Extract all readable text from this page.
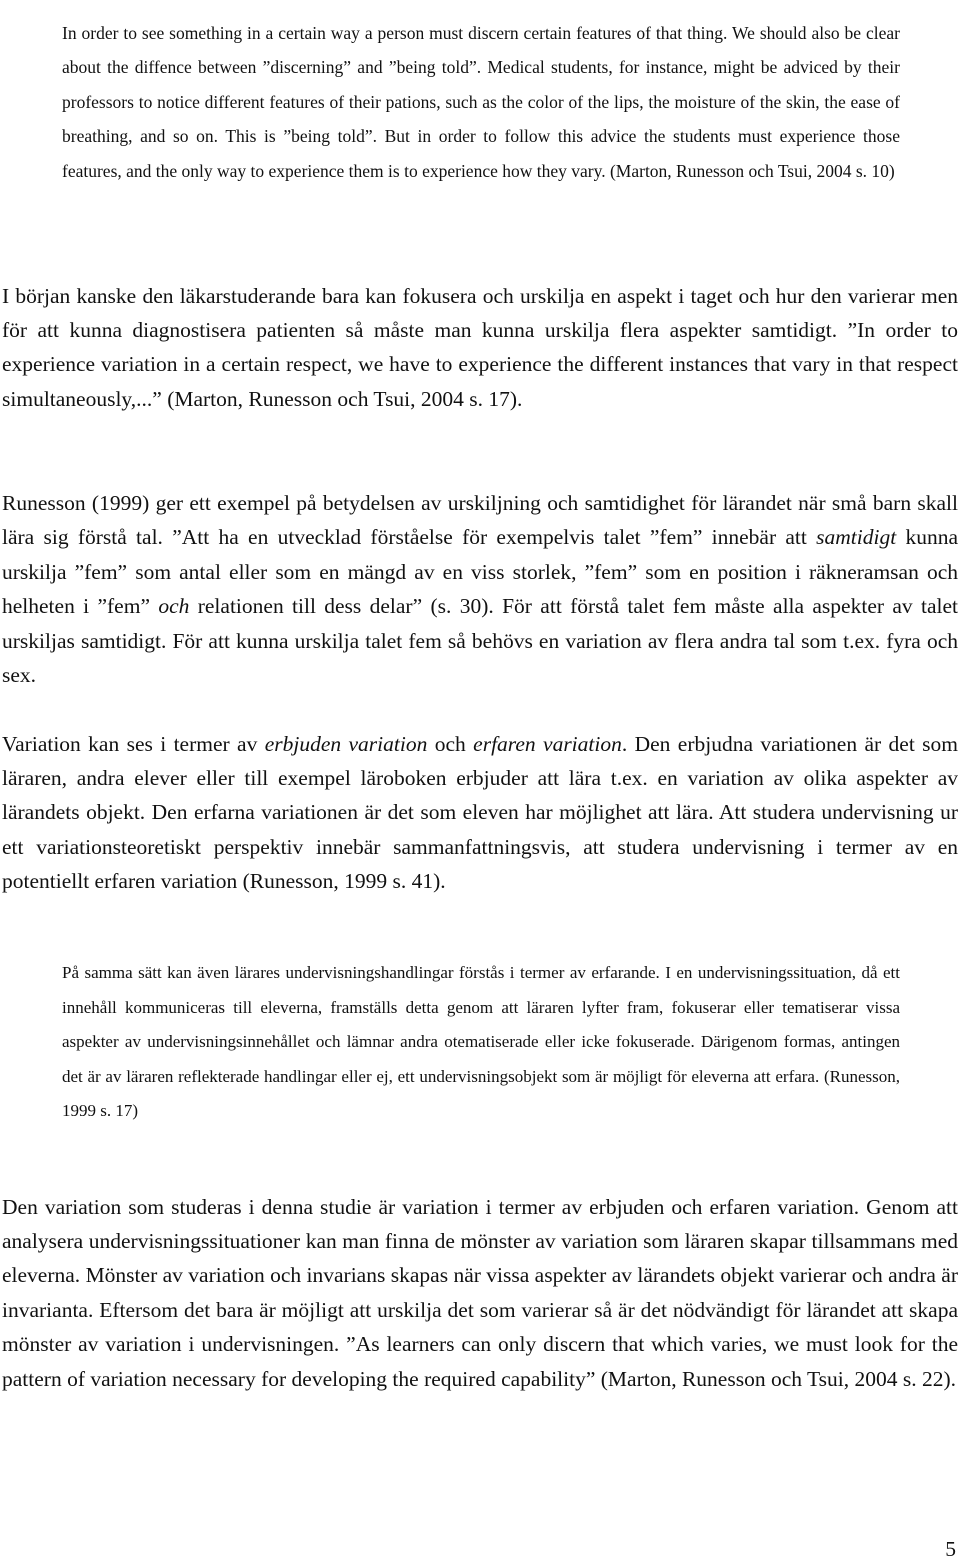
In order to see something in a certain way a person must discern certain features of that thing. We should also be clear about the diffence between ”discerning” and ”being told”. Medical students, for instance, might be adviced by their professors to notice different features of their pations, such as the color of the lips, the moisture of the skin, the ease of breathing, and so on. This is ”being told”. But in order to follow this advice the students must experience those features, and the only way to experience them is to experience how they vary. (Marton, Runesson och Tsui, 2004 s. 10)

I början kanske den läkarstuderande bara kan fokusera och urskilja en aspekt i taget och hur den varierar men för att kunna diagnostisera patienten så måste man kunna urskilja flera aspekter samtidigt. ”In order to experience variation in a certain respect, we have to experience the different instances that vary in that respect simultaneously,...” (Marton, Runesson och Tsui, 2004 s. 17).

Runesson (1999) ger ett exempel på betydelsen av urskiljning och samtidighet för lärandet när små barn skall lära sig förstå tal. ”Att ha en utvecklad förståelse för exempelvis talet ”fem” innebär att samtidigt kunna urskilja ”fem” som antal eller som en mängd av en viss storlek, ”fem” som en position i räkneramsan och helheten i ”fem” och relationen till dess delar” (s. 30). För att förstå talet fem måste alla aspekter av talet urskiljas samtidigt. För att kunna urskilja talet fem så behövs en variation av flera andra tal som t.ex. fyra och sex.

Variation kan ses i termer av erbjuden variation och erfaren variation. Den erbjudna variationen är det som läraren, andra elever eller till exempel läroboken erbjuder att lära t.ex. en variation av olika aspekter av lärandets objekt. Den erfarna variationen är det som eleven har möjlighet att lära. Att studera undervisning ur ett variationsteoretiskt perspektiv innebär sammanfattningsvis, att studera undervisning i termer av en potentiellt erfaren variation (Runesson, 1999 s. 41).

På samma sätt kan även lärares undervisningshandlingar förstås i termer av erfarande. I en undervisningssituation, då ett innehåll kommuniceras till eleverna, framställs detta genom att läraren lyfter fram, fokuserar eller tematiserar vissa aspekter av undervisningsinnehållet och lämnar andra otematiserade eller icke fokuserade. Därigenom formas, antingen det är av läraren reflekterade handlingar eller ej, ett undervisningsobjekt som är möjligt för eleverna att erfara. (Runesson, 1999 s. 17)

Den variation som studeras i denna studie är variation i termer av erbjuden och erfaren variation. Genom att analysera undervisningssituationer kan man finna de mönster av variation som läraren skapar tillsammans med eleverna. Mönster av variation och invarians skapas när vissa aspekter av lärandets objekt varierar och andra är invarianta. Eftersom det bara är möjligt att urskilja det som varierar så är det nödvändigt för lärandet att skapa mönster av variation i undervisningen. ”As learners can only discern that which varies, we must look for the pattern of variation necessary for developing the required capability” (Marton, Runesson och Tsui, 2004 s. 22).

5
